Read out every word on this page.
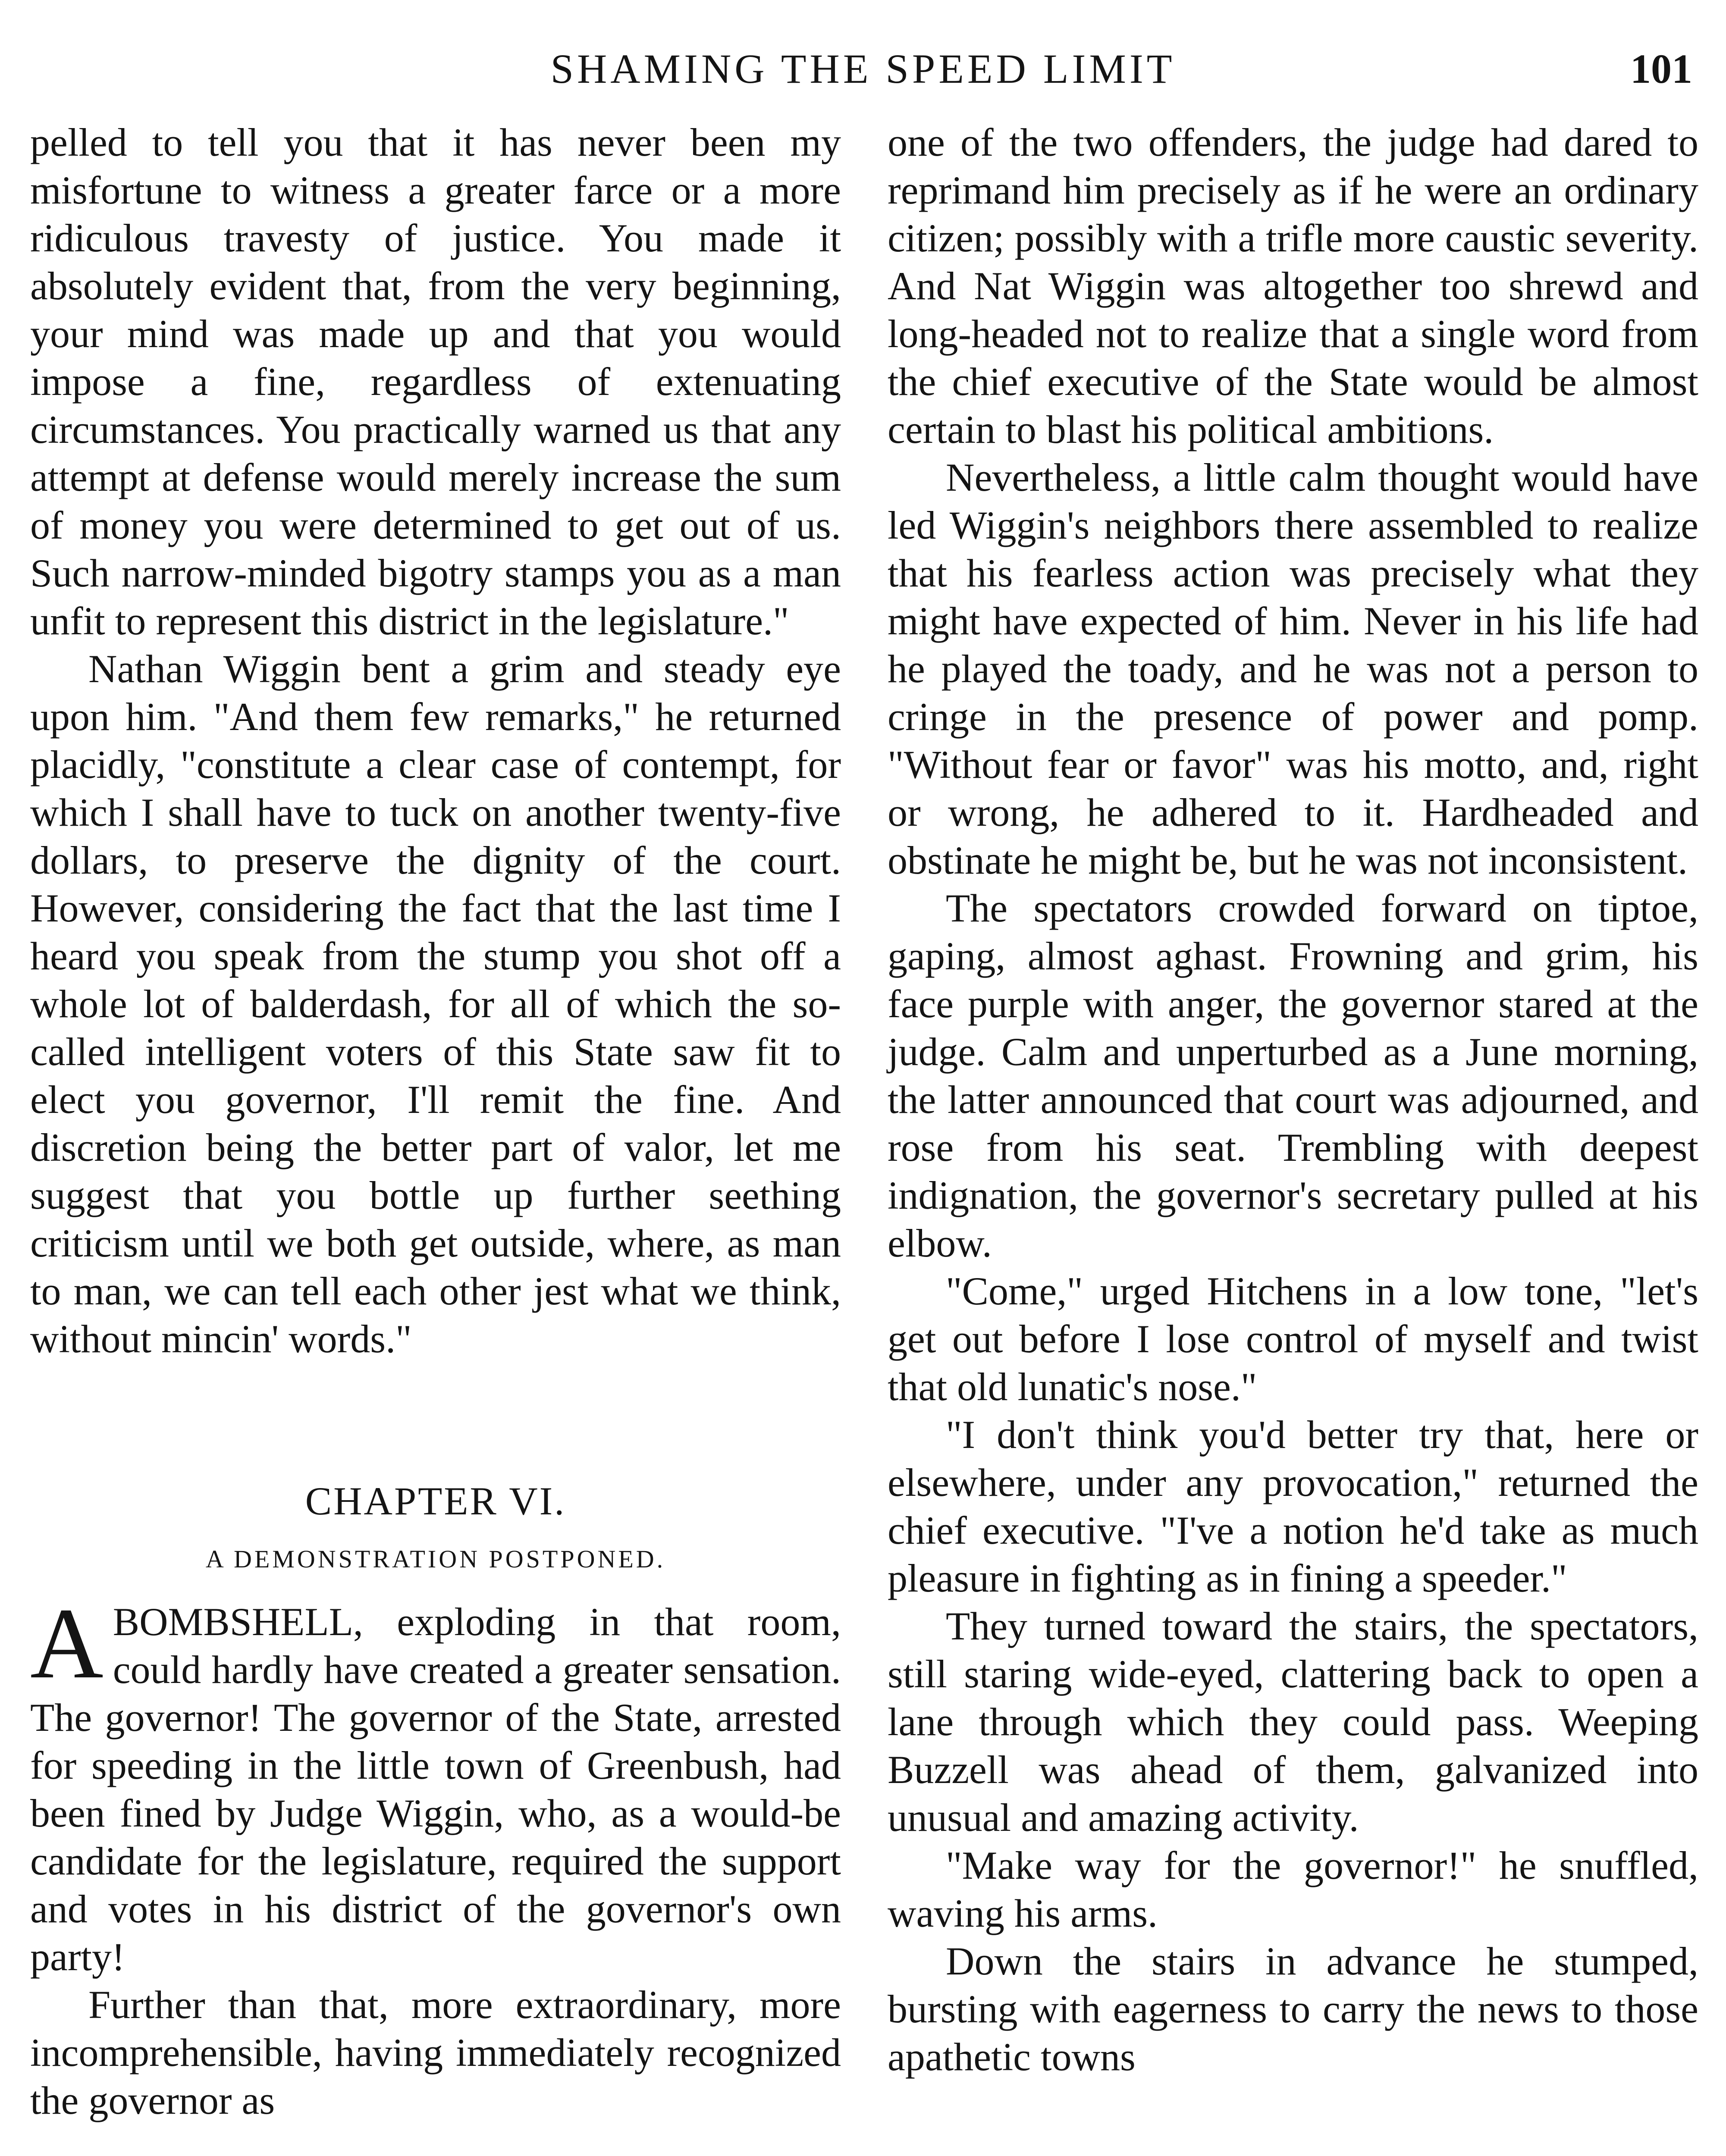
SHAMING THE SPEED LIMIT	101

pelled to tell you that it has never been my misfortune to witness a greater farce or a more ridiculous travesty of justice. You made it absolutely evident that, from the very beginning, your mind was made up and that you would impose a fine, regardless of extenuating circumstances. You practically warned us that any attempt at defense would merely increase the sum of money you were determined to get out of us. Such narrow-minded bigotry stamps you as a man unfit to represent this district in the legislature."

Nathan Wiggin bent a grim and steady eye upon him. "And them few remarks," he returned placidly, "constitute a clear case of contempt, for which I shall have to tuck on another twenty-five dollars, to preserve the dignity of the court. However, considering the fact that the last time I heard you speak from the stump you shot off a whole lot of balderdash, for all of which the so-called intelligent voters of this State saw fit to elect you governor, I'll remit the fine. And discretion being the better part of valor, let me suggest that you bottle up further seething criticism until we both get outside, where, as man to man, we can tell each other jest what we think, without mincin' words."

CHAPTER VI.
A DEMONSTRATION POSTPONED.

ABOMBSHELL, exploding in that room, could hardly have created a greater sensation. The governor! The governor of the State, arrested for speeding in the little town of Greenbush, had been fined by Judge Wiggin, who, as a would-be candidate for the legislature, required the support and votes in his district of the governor's own party!

Further than that, more extraordinary, more incomprehensible, having immediately recognized the governor as

one of the two offenders, the judge had dared to reprimand him precisely as if he were an ordinary citizen; possibly with a trifle more caustic severity. And Nat Wiggin was altogether too shrewd and long-headed not to realize that a single word from the chief executive of the State would be almost certain to blast his political ambitions.

Nevertheless, a little calm thought would have led Wiggin's neighbors there assembled to realize that his fearless action was precisely what they might have expected of him. Never in his life had he played the toady, and he was not a person to cringe in the presence of power and pomp. "Without fear or favor" was his motto, and, right or wrong, he adhered to it. Hardheaded and obstinate he might be, but he was not inconsistent.

The spectators crowded forward on tiptoe, gaping, almost aghast. Frowning and grim, his face purple with anger, the governor stared at the judge. Calm and unperturbed as a June morning, the latter announced that court was adjourned, and rose from his seat. Trembling with deepest indignation, the governor's secretary pulled at his elbow.

"Come," urged Hitchens in a low tone, "let's get out before I lose control of myself and twist that old lunatic's nose."

"I don't think you'd better try that, here or elsewhere, under any provocation," returned the chief executive. "I've a notion he'd take as much pleasure in fighting as in fining a speeder."

They turned toward the stairs, the spectators, still staring wide-eyed, clattering back to open a lane through which they could pass. Weeping Buzzell was ahead of them, galvanized into unusual and amazing activity.

"Make way for the governor!" he snuffled, waving his arms.

Down the stairs in advance he stumped, bursting with eagerness to carry the news to those apathetic towns
